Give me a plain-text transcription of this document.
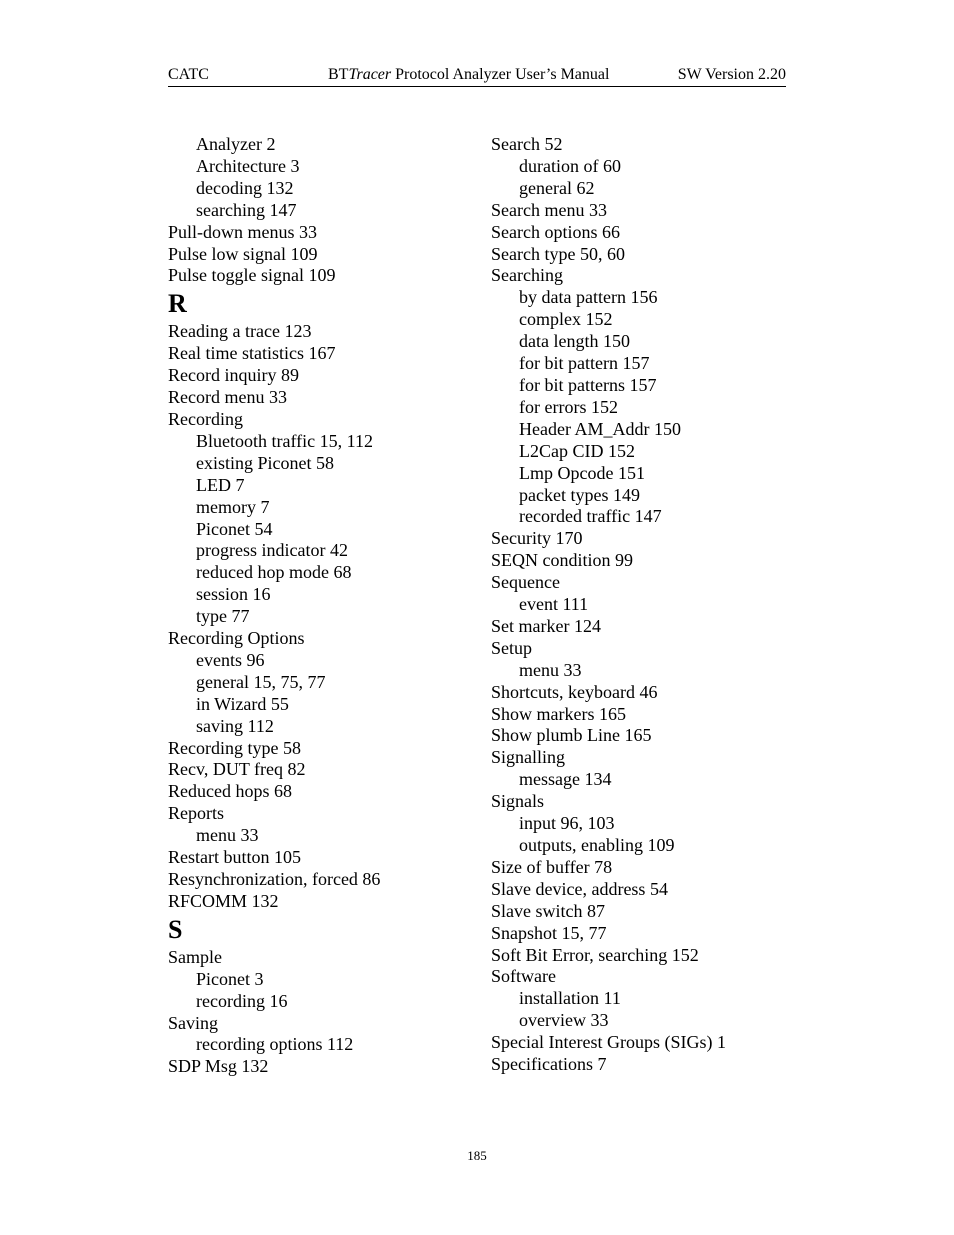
CATC	BTTracer Protocol Analyzer User’s Manual	SW Version 2.20
Analyzer 2
Architecture 3
decoding 132
searching 147
Pull-down menus 33
Pulse low signal 109
Pulse toggle signal 109
R
Reading a trace 123
Real time statistics 167
Record inquiry 89
Record menu 33
Recording
Bluetooth traffic 15, 112
existing Piconet 58
LED 7
memory 7
Piconet 54
progress indicator 42
reduced hop mode 68
session 16
type 77
Recording Options
events 96
general 15, 75, 77
in Wizard 55
saving 112
Recording type 58
Recv, DUT freq 82
Reduced hops 68
Reports
menu 33
Restart button 105
Resynchronization, forced 86
RFCOMM 132
S
Sample
Piconet 3
recording 16
Saving
recording options 112
SDP Msg 132
Search 52
duration of 60
general 62
Search menu 33
Search options 66
Search type 50, 60
Searching
by data pattern 156
complex 152
data length 150
for bit pattern 157
for bit patterns 157
for errors 152
Header AM_Addr 150
L2Cap CID 152
Lmp Opcode 151
packet types 149
recorded traffic 147
Security 170
SEQN condition 99
Sequence
event 111
Set marker 124
Setup
menu 33
Shortcuts, keyboard 46
Show markers 165
Show plumb Line 165
Signalling
message 134
Signals
input 96, 103
outputs, enabling 109
Size of buffer 78
Slave device, address 54
Slave switch 87
Snapshot 15, 77
Soft Bit Error, searching 152
Software
installation 11
overview 33
Special Interest Groups (SIGs) 1
Specifications 7
185
